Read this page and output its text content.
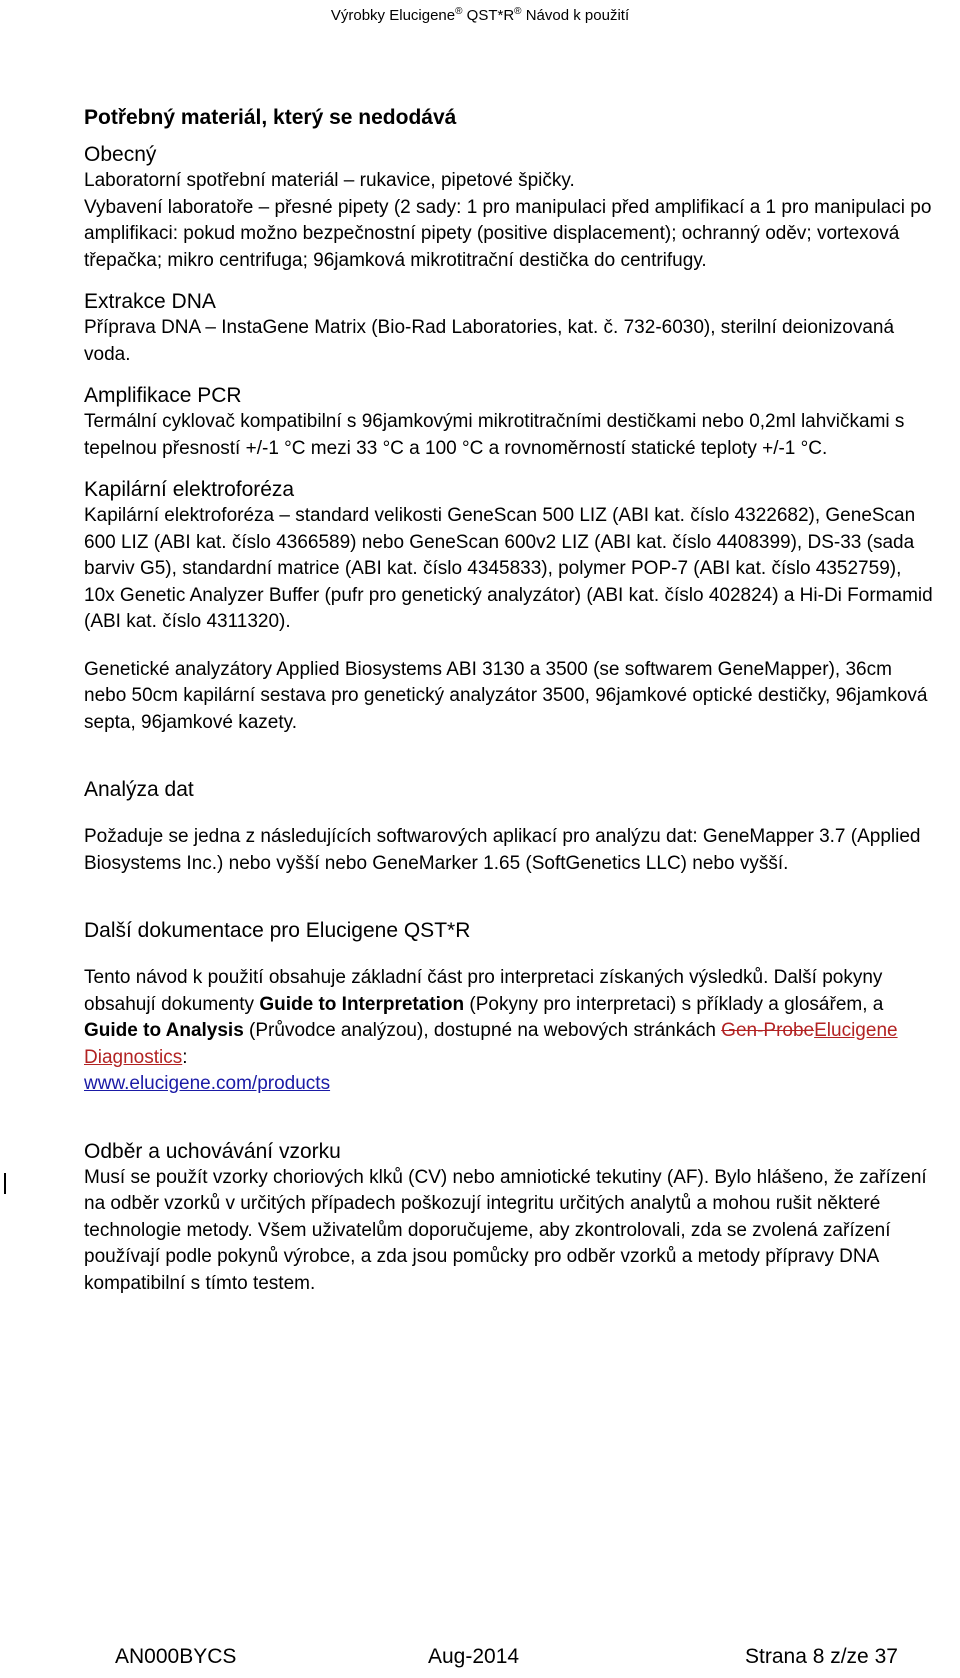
Výrobky Elucigene® QST*R® Návod k použití

Potřebný materiál, který se nedodává

Obecný

Laboratorní spotřební materiál – rukavice, pipetové špičky.

Vybavení laboratoře – přesné pipety (2 sady: 1 pro manipulaci před amplifikací a 1 pro manipulaci po amplifikaci: pokud možno bezpečnostní pipety (positive displacement); ochranný oděv; vortexová třepačka; mikro centrifuga; 96jamková mikrotitrační destička do centrifugy.

Extrakce DNA

Příprava DNA – InstaGene Matrix (Bio-Rad Laboratories, kat. č. 732-6030), sterilní deionizovaná voda.

Amplifikace PCR

Termální cyklovač kompatibilní s 96jamkovými mikrotitračními destičkami nebo 0,2ml lahvičkami s tepelnou přesností +/-1 °C mezi 33 °C a 100 °C a rovnoměrností statické teploty +/-1 °C.

Kapilární elektroforéza

Kapilární elektroforéza – standard velikosti GeneScan 500 LIZ (ABI kat. číslo 4322682), GeneScan 600 LIZ (ABI kat. číslo 4366589) nebo GeneScan 600v2 LIZ (ABI kat. číslo 4408399), DS-33 (sada barviv G5), standardní matrice (ABI kat. číslo 4345833), polymer POP-7 (ABI kat. číslo 4352759), 10x Genetic Analyzer Buffer (pufr pro genetický analyzátor) (ABI kat. číslo 402824) a Hi-Di Formamid (ABI kat. číslo 4311320).

Genetické analyzátory Applied Biosystems ABI 3130 a 3500 (se softwarem GeneMapper), 36cm nebo 50cm kapilární sestava pro genetický analyzátor 3500, 96jamkové optické destičky, 96jamková septa, 96jamkové kazety.

Analýza dat

Požaduje se jedna z následujících softwarových aplikací pro analýzu dat: GeneMapper 3.7 (Applied Biosystems Inc.) nebo vyšší nebo GeneMarker 1.65 (SoftGenetics LLC) nebo vyšší.

Další dokumentace pro Elucigene QST*R

Tento návod k použití obsahuje základní část pro interpretaci získaných výsledků. Další pokyny obsahují dokumenty Guide to Interpretation (Pokyny pro interpretaci) s příklady a glosářem, a Guide to Analysis (Průvodce analýzou), dostupné na webových stránkách Gen-ProbeElucigene Diagnostics:
www.elucigene.com/products

Odběr a uchovávání vzorku

Musí se použít vzorky choriových klků (CV) nebo amniotické tekutiny (AF). Bylo hlášeno, že zařízení na odběr vzorků v určitých případech poškozují integritu určitých analytů a mohou rušit některé technologie metody. Všem uživatelům doporučujeme, aby zkontrolovali, zda se zvolená zařízení používají podle pokynů výrobce, a zda jsou pomůcky pro odběr vzorků a metody přípravy DNA kompatibilní s tímto testem.

AN000BYCS	Aug-2014	Strana 8 z/ze 37
